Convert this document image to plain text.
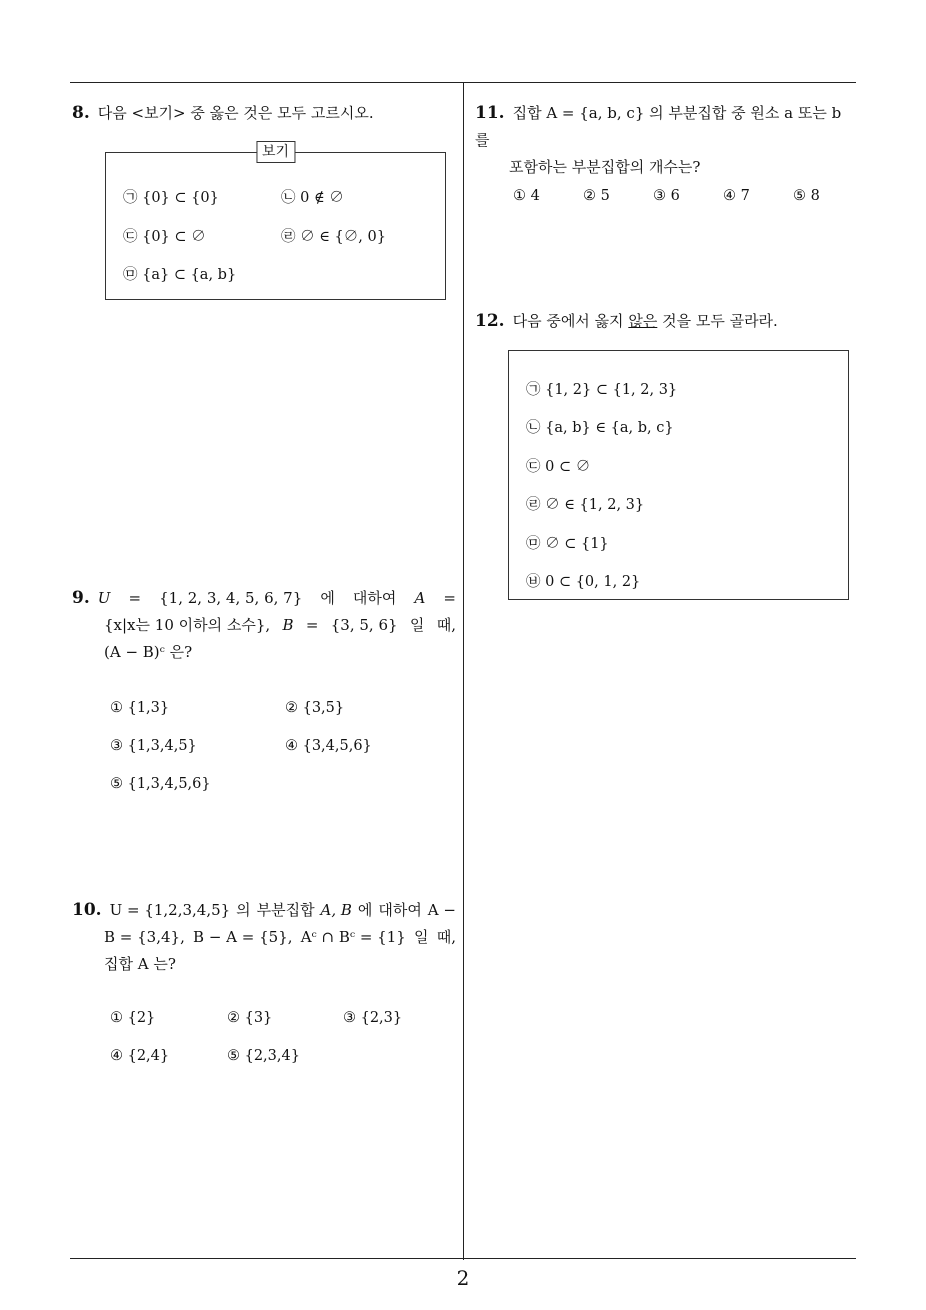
8. 다음 <보기> 중 옳은 것은 모두 고르시오.
보기
㉠ {0} ⊂ {0}	㉡ 0 ∉ ∅
㉢ {0} ⊂ ∅	㉣ ∅ ∈ {∅, 0}
㉤ {a} ⊂ {a, b}
9. U = {1, 2, 3, 4, 5, 6, 7} 에 대하여 A =
{x|x는 10 이하의 소수}, B = {3, 5, 6} 일 때,
(A − B)ᶜ 은?
① {1,3}	② {3,5}
③ {1,3,4,5}	④ {3,4,5,6}
⑤ {1,3,4,5,6}
10. U = {1,2,3,4,5} 의 부분집합 A, B 에 대하여 A −
B = {3,4}, B − A = {5}, Aᶜ ∩ Bᶜ = {1} 일 때,
집합 A 는?
① {2}	② {3}	③ {2,3}
④ {2,4}	⑤ {2,3,4}
11. 집합 A = {a, b, c} 의 부분집합 중 원소 a 또는 b 를
포함하는 부분집합의 개수는?
① 4	② 5	③ 6	④ 7	⑤ 8
12. 다음 중에서 옳지 않은 것을 모두 골라라.
㉠ {1, 2} ⊂ {1, 2, 3}
㉡ {a, b} ∈ {a, b, c}
㉢ 0 ⊂ ∅
㉣ ∅ ∈ {1, 2, 3}
㉤ ∅ ⊂ {1}
㉥ 0 ⊂ {0, 1, 2}
2
